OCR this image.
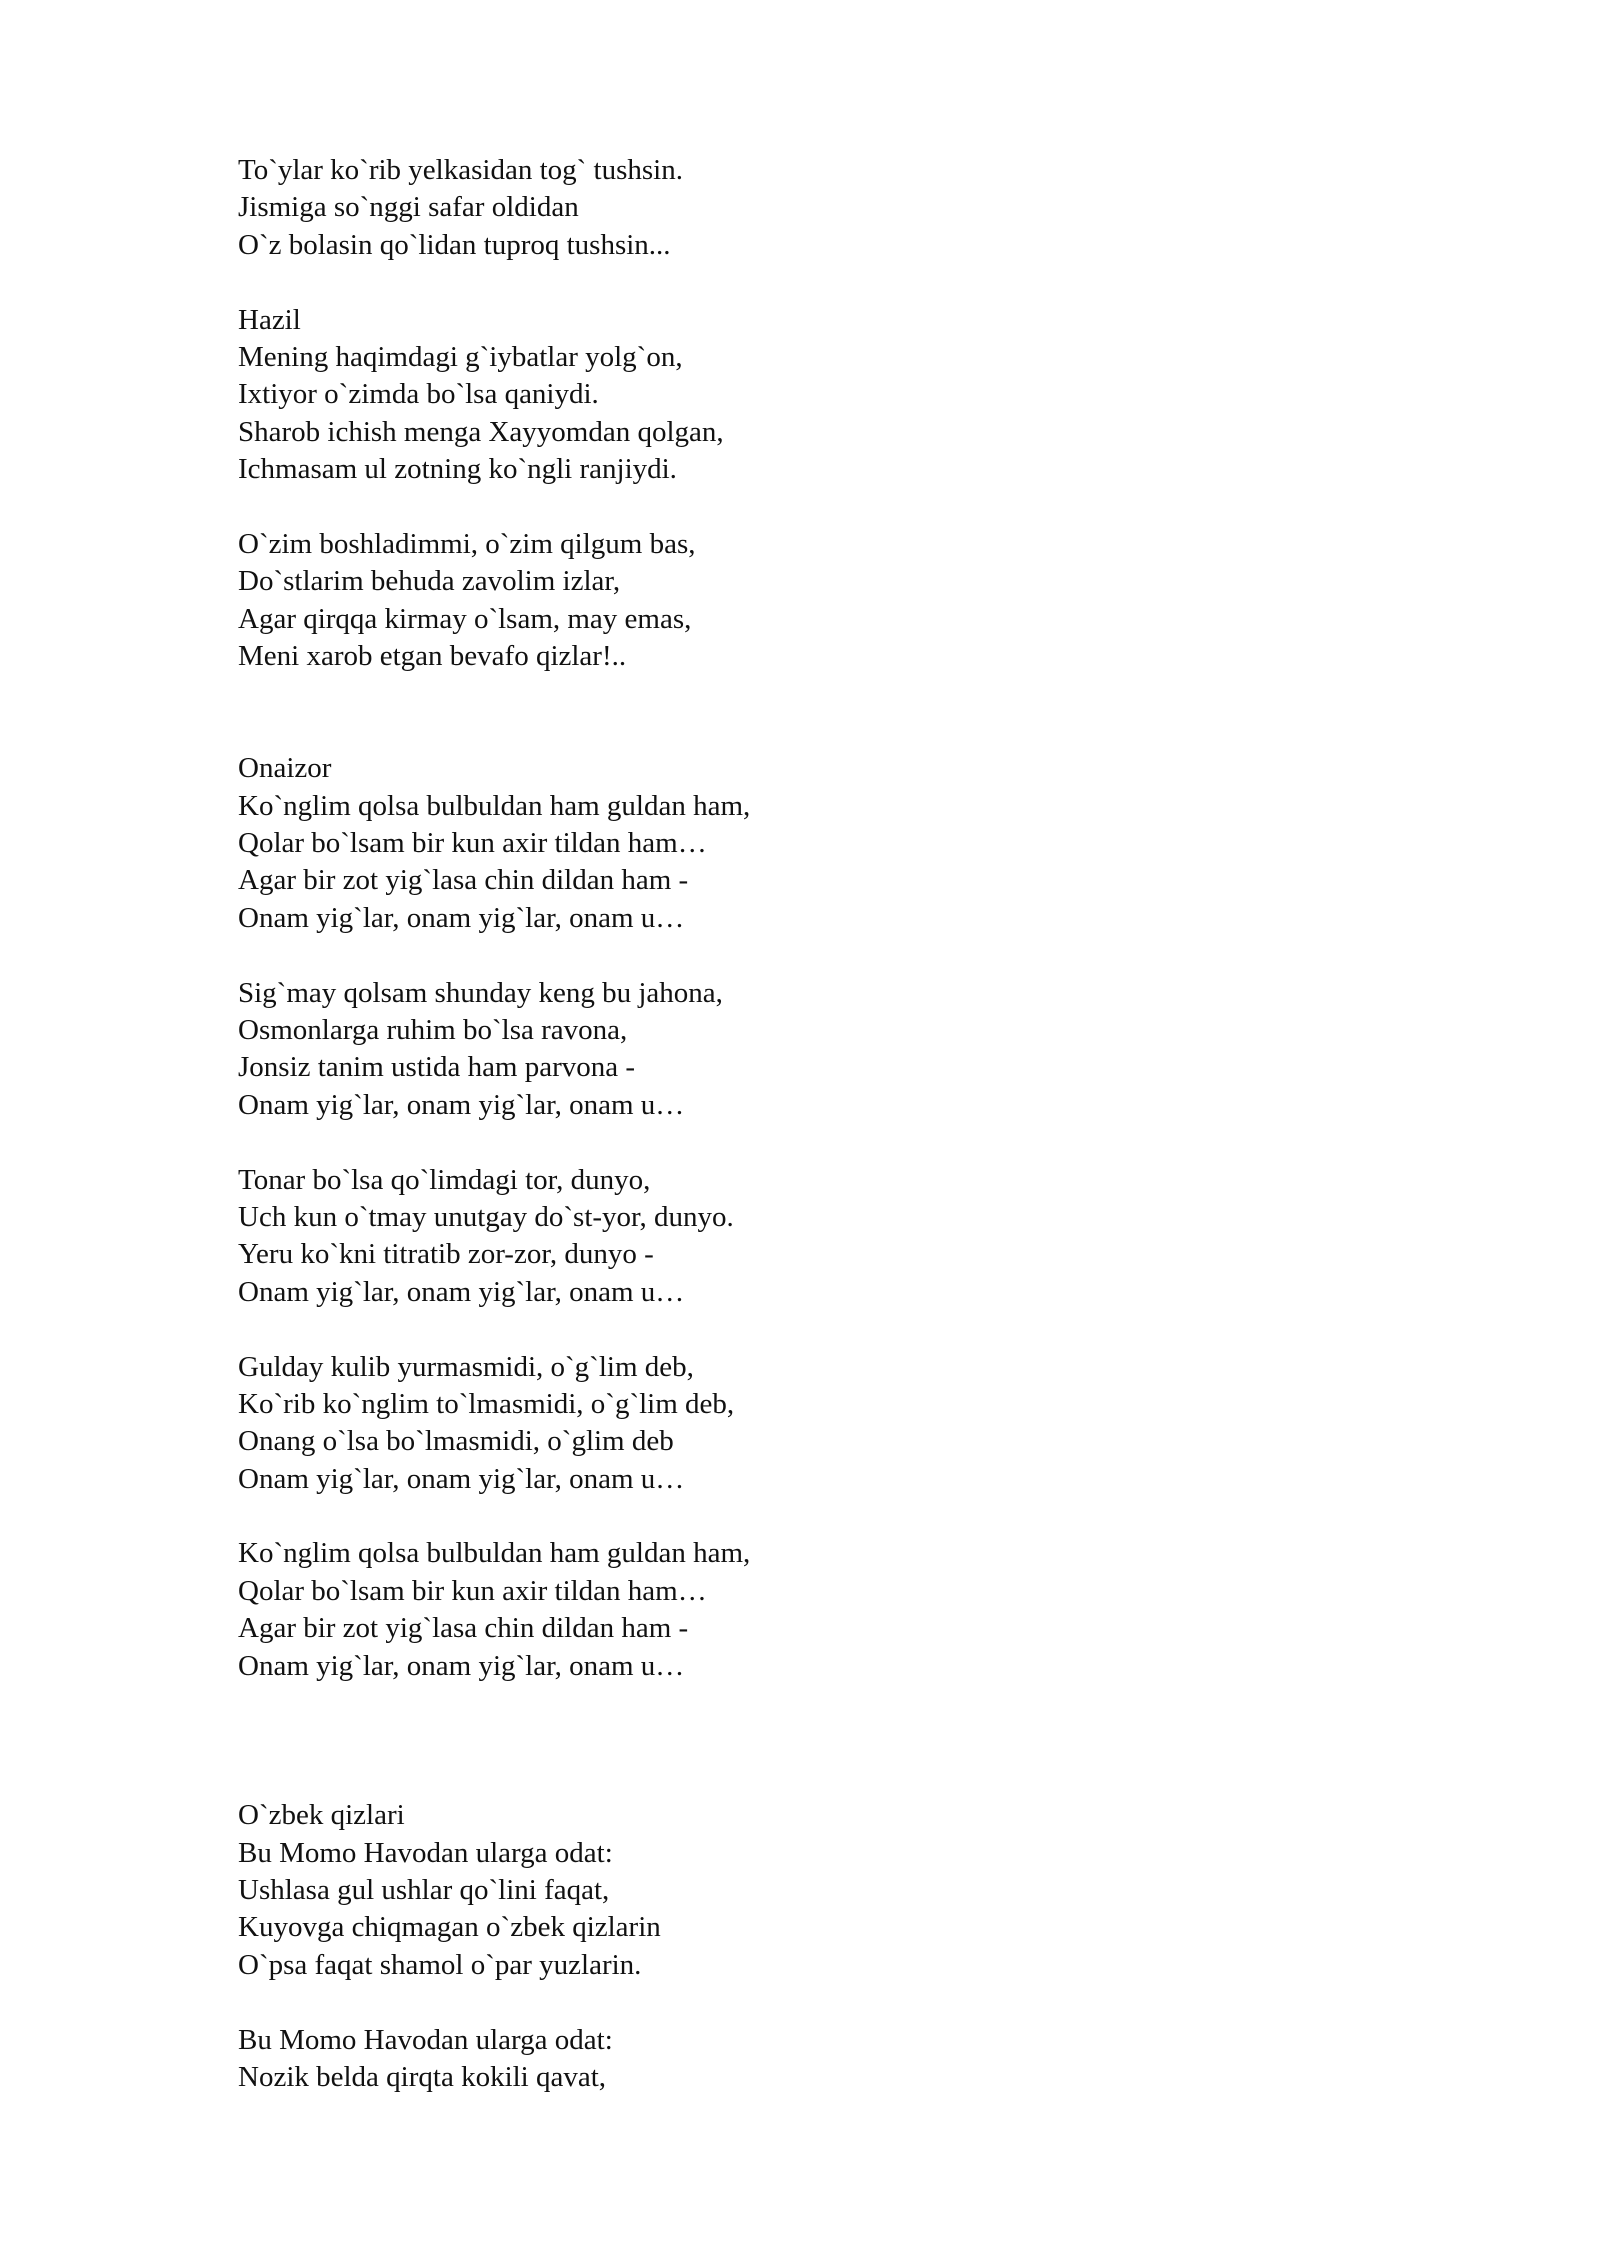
To`ylar ko`rib yelkasidan tog` tushsin.
Jismiga so`nggi safar oldidan
O`z bolasin qo`lidan tuproq tushsin...
Hazil
Mening haqimdagi g`iybatlar yolg`on,
Ixtiyor o`zimda bo`lsa qaniydi.
Sharob ichish menga Xayyomdan qolgan,
Ichmasam ul zotning ko`ngli ranjiydi.
O`zim boshladimmi, o`zim qilgum bas,
Do`stlarim behuda zavolim izlar,
Agar qirqqa kirmay o`lsam, may emas,
Meni xarob etgan bevafo qizlar!..
Onaizor
Ko`nglim qolsa bulbuldan ham guldan ham,
Qolar bo`lsam bir kun axir tildan ham…
Agar bir zot yig`lasa chin dildan ham -
Onam yig`lar, onam yig`lar, onam u…
Sig`may qolsam shunday keng bu jahona,
Osmonlarga ruhim bo`lsa ravona,
Jonsiz tanim ustida ham parvona -
Onam yig`lar, onam yig`lar, onam u…
Tonar bo`lsa qo`limdagi tor, dunyo,
Uch kun o`tmay unutgay do`st-yor, dunyo.
Yeru ko`kni titratib zor-zor, dunyo -
Onam yig`lar, onam yig`lar, onam u…
Gulday kulib yurmasmidi, o`g`lim deb,
Ko`rib ko`nglim to`lmasmidi, o`g`lim deb,
Onang o`lsa bo`lmasmidi, o`glim deb
Onam yig`lar, onam yig`lar, onam u…
Ko`nglim qolsa bulbuldan ham guldan ham,
Qolar bo`lsam bir kun axir tildan ham…
Agar bir zot yig`lasa chin dildan ham -
Onam yig`lar, onam yig`lar, onam u…
O`zbek qizlari
Bu Momo Havodan ularga odat:
Ushlasa gul ushlar qo`lini faqat,
Kuyovga chiqmagan o`zbek qizlarin
O`psa faqat shamol o`par yuzlarin.
Bu Momo Havodan ularga odat:
Nozik belda qirqta kokili qavat,
